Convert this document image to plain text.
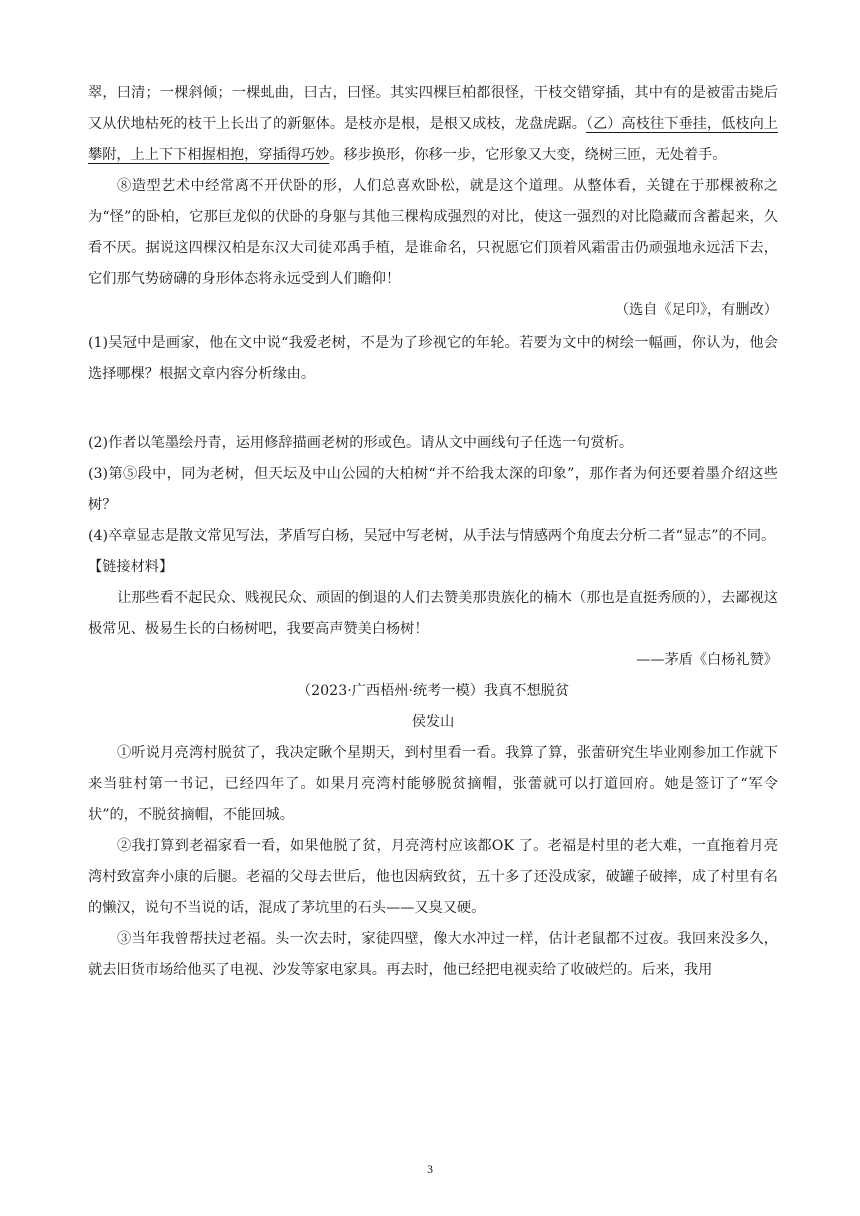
翠，曰清；一棵斜倾；一棵虬曲，曰古，曰怪。其实四棵巨柏都很怪，干枝交错穿插，其中有的是被雷击毙后又从伏地枯死的枝干上长出了的新躯体。是枝亦是根，是根又成枝，龙盘虎踞。（乙）高枝往下垂挂，低枝向上攀附，上上下下相握相抱，穿插得巧妙。移步换形，你移一步，它形象又大变，绕树三匝，无处着手。

⑧造型艺术中经常离不开伏卧的形，人们总喜欢卧松，就是这个道理。从整体看，关键在于那棵被称之为“怪”的卧柏，它那巨龙似的伏卧的身躯与其他三棵构成强烈的对比，使这一强烈的对比隐藏而含蓄起来，久看不厌。据说这四棵汉柏是东汉大司徒邓禹手植，是谁命名，只祝愿它们顶着风霜雷击仍顽强地永远活下去，它们那气势磅礴的身形体态将永远受到人们瞻仰！

（选自《足印》，有删改）

(1)吴冠中是画家，他在文中说“我爱老树，不是为了珍视它的年轮。若要为文中的树绘一幅画，你认为，他会选择哪棵？根据文章内容分析缘由。

(2)作者以笔墨绘丹青，运用修辞描画老树的形或色。请从文中画线句子任选一句赏析。

(3)第⑤段中，同为老树，但天坛及中山公园的大柏树“并不给我太深的印象”，那作者为何还要着墨介绍这些树？

(4)卒章显志是散文常见写法，茅盾写白杨，吴冠中写老树，从手法与情感两个角度去分析二者“显志”的不同。

【链接材料】

让那些看不起民众、贱视民众、顽固的倒退的人们去赞美那贵族化的楠木（那也是直挺秀颀的），去鄙视这极常见、极易生长的白杨树吧，我要高声赞美白杨树！

——茅盾《白杨礼赞》

（2023·广西梧州·统考一模）我真不想脱贫

侯发山

①听说月亮湾村脱贫了，我决定瞅个星期天，到村里看一看。我算了算，张蕾研究生毕业刚参加工作就下来当驻村第一书记，已经四年了。如果月亮湾村能够脱贫摘帽，张蕾就可以打道回府。她是签订了“军令状”的，不脱贫摘帽，不能回城。

②我打算到老福家看一看，如果他脱了贫，月亮湾村应该都OK 了。老福是村里的老大难，一直拖着月亮湾村致富奔小康的后腿。老福的父母去世后，他也因病致贫，五十多了还没成家，破罐子破摔，成了村里有名的懒汉，说句不当说的话，混成了茅坑里的石头——又臭又硬。

③当年我曾帮扶过老福。头一次去时，家徒四壁，像大水冲过一样，估计老鼠都不过夜。我回来没多久，就去旧货市场给他买了电视、沙发等家电家具。再去时，他已经把电视卖给了收破烂的。后来，我用

3
